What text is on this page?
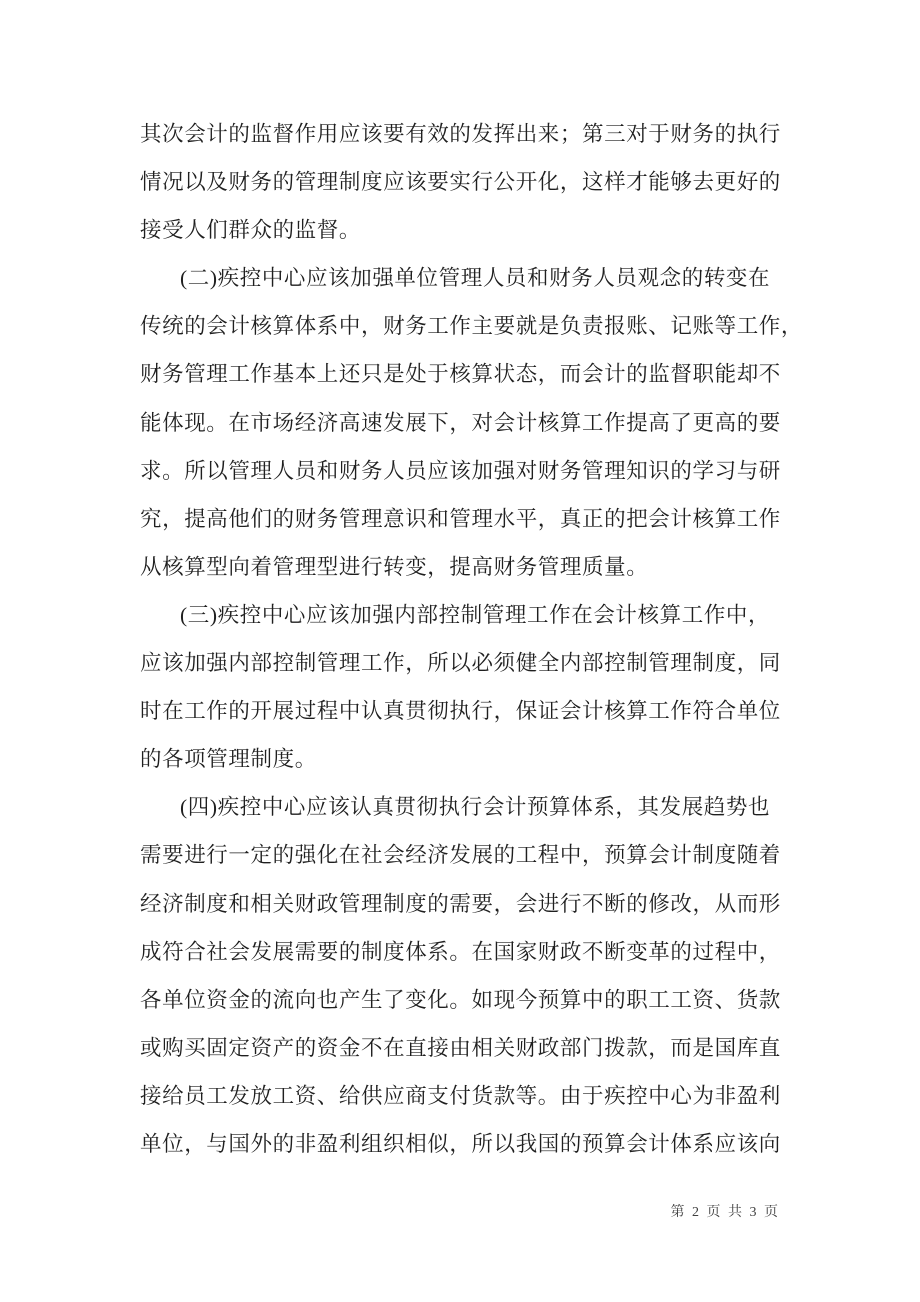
其次会计的监督作用应该要有效的发挥出来；第三对于财务的执行
情况以及财务的管理制度应该要实行公开化，这样才能够去更好的
接受人们群众的监督。
(二)疾控中心应该加强单位管理人员和财务人员观念的转变在
传统的会计核算体系中，财务工作主要就是负责报账、记账等工作，
财务管理工作基本上还只是处于核算状态，而会计的监督职能却不
能体现。在市场经济高速发展下，对会计核算工作提高了更高的要
求。所以管理人员和财务人员应该加强对财务管理知识的学习与研
究，提高他们的财务管理意识和管理水平，真正的把会计核算工作
从核算型向着管理型进行转变，提高财务管理质量。
(三)疾控中心应该加强内部控制管理工作在会计核算工作中，
应该加强内部控制管理工作，所以必须健全内部控制管理制度，同
时在工作的开展过程中认真贯彻执行，保证会计核算工作符合单位
的各项管理制度。
(四)疾控中心应该认真贯彻执行会计预算体系，其发展趋势也
需要进行一定的强化在社会经济发展的工程中，预算会计制度随着
经济制度和相关财政管理制度的需要，会进行不断的修改，从而形
成符合社会发展需要的制度体系。在国家财政不断变革的过程中，
各单位资金的流向也产生了变化。如现今预算中的职工工资、货款
或购买固定资产的资金不在直接由相关财政部门拨款，而是国库直
接给员工发放工资、给供应商支付货款等。由于疾控中心为非盈利
单位，与国外的非盈利组织相似，所以我国的预算会计体系应该向
第 2 页 共 3 页
